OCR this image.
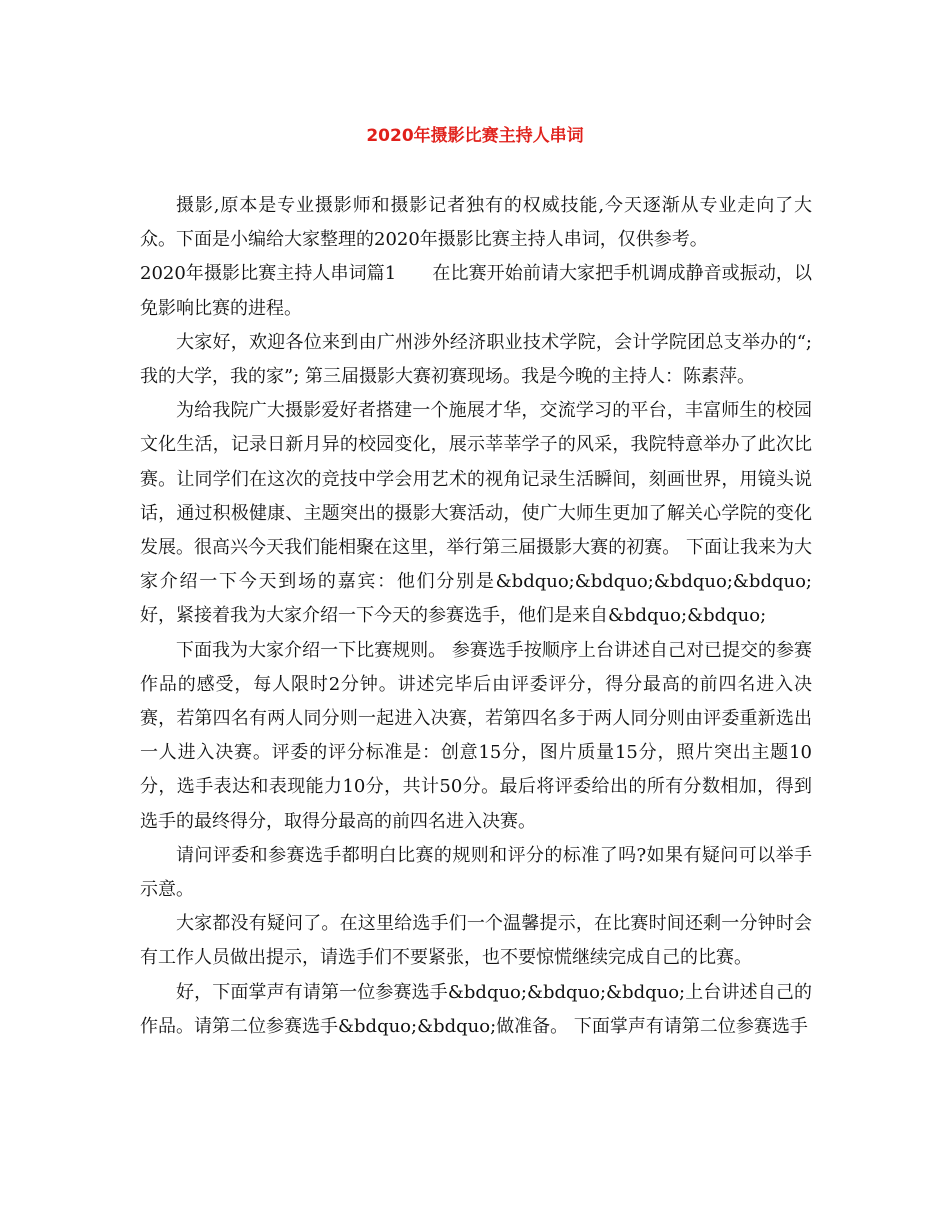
2020年摄影比赛主持人串词

摄影,原本是专业摄影师和摄影记者独有的权威技能,今天逐渐从专业走向了大众。下面是小编给大家整理的2020年摄影比赛主持人串词，仅供参考。

2020年摄影比赛主持人串词篇1　　在比赛开始前请大家把手机调成静音或振动，以免影响比赛的进程。

大家好，欢迎各位来到由广州涉外经济职业技术学院，会计学院团总支举办的“;我的大学，我的家”; 第三届摄影大赛初赛现场。我是今晚的主持人：陈素萍。

为给我院广大摄影爱好者搭建一个施展才华，交流学习的平台，丰富师生的校园文化生活，记录日新月异的校园变化，展示莘莘学子的风采，我院特意举办了此次比赛。让同学们在这次的竞技中学会用艺术的视角记录生活瞬间，刻画世界，用镜头说话，通过积极健康、主题突出的摄影大赛活动，使广大师生更加了解关心学院的变化发展。很高兴今天我们能相聚在这里，举行第三届摄影大赛的初赛。 下面让我来为大家介绍一下今天到场的嘉宾：他们分别是&bdquo;&bdquo;&bdquo;&bdquo; 好，紧接着我为大家介绍一下今天的参赛选手，他们是来自&bdquo;&bdquo;

下面我为大家介绍一下比赛规则。 参赛选手按顺序上台讲述自己对已提交的参赛作品的感受，每人限时2分钟。讲述完毕后由评委评分，得分最高的前四名进入决赛，若第四名有两人同分则一起进入决赛，若第四名多于两人同分则由评委重新选出一人进入决赛。评委的评分标准是：创意15分，图片质量15分，照片突出主题10分，选手表达和表现能力10分，共计50分。最后将评委给出的所有分数相加，得到选手的最终得分，取得分最高的前四名进入决赛。

请问评委和参赛选手都明白比赛的规则和评分的标准了吗?如果有疑问可以举手示意。

大家都没有疑问了。在这里给选手们一个温馨提示，在比赛时间还剩一分钟时会有工作人员做出提示，请选手们不要紧张，也不要惊慌继续完成自己的比赛。

好，下面掌声有请第一位参赛选手&bdquo;&bdquo;&bdquo;上台讲述自己的作品。请第二位参赛选手&bdquo;&bdquo;做准备。 下面掌声有请第二位参赛选手
